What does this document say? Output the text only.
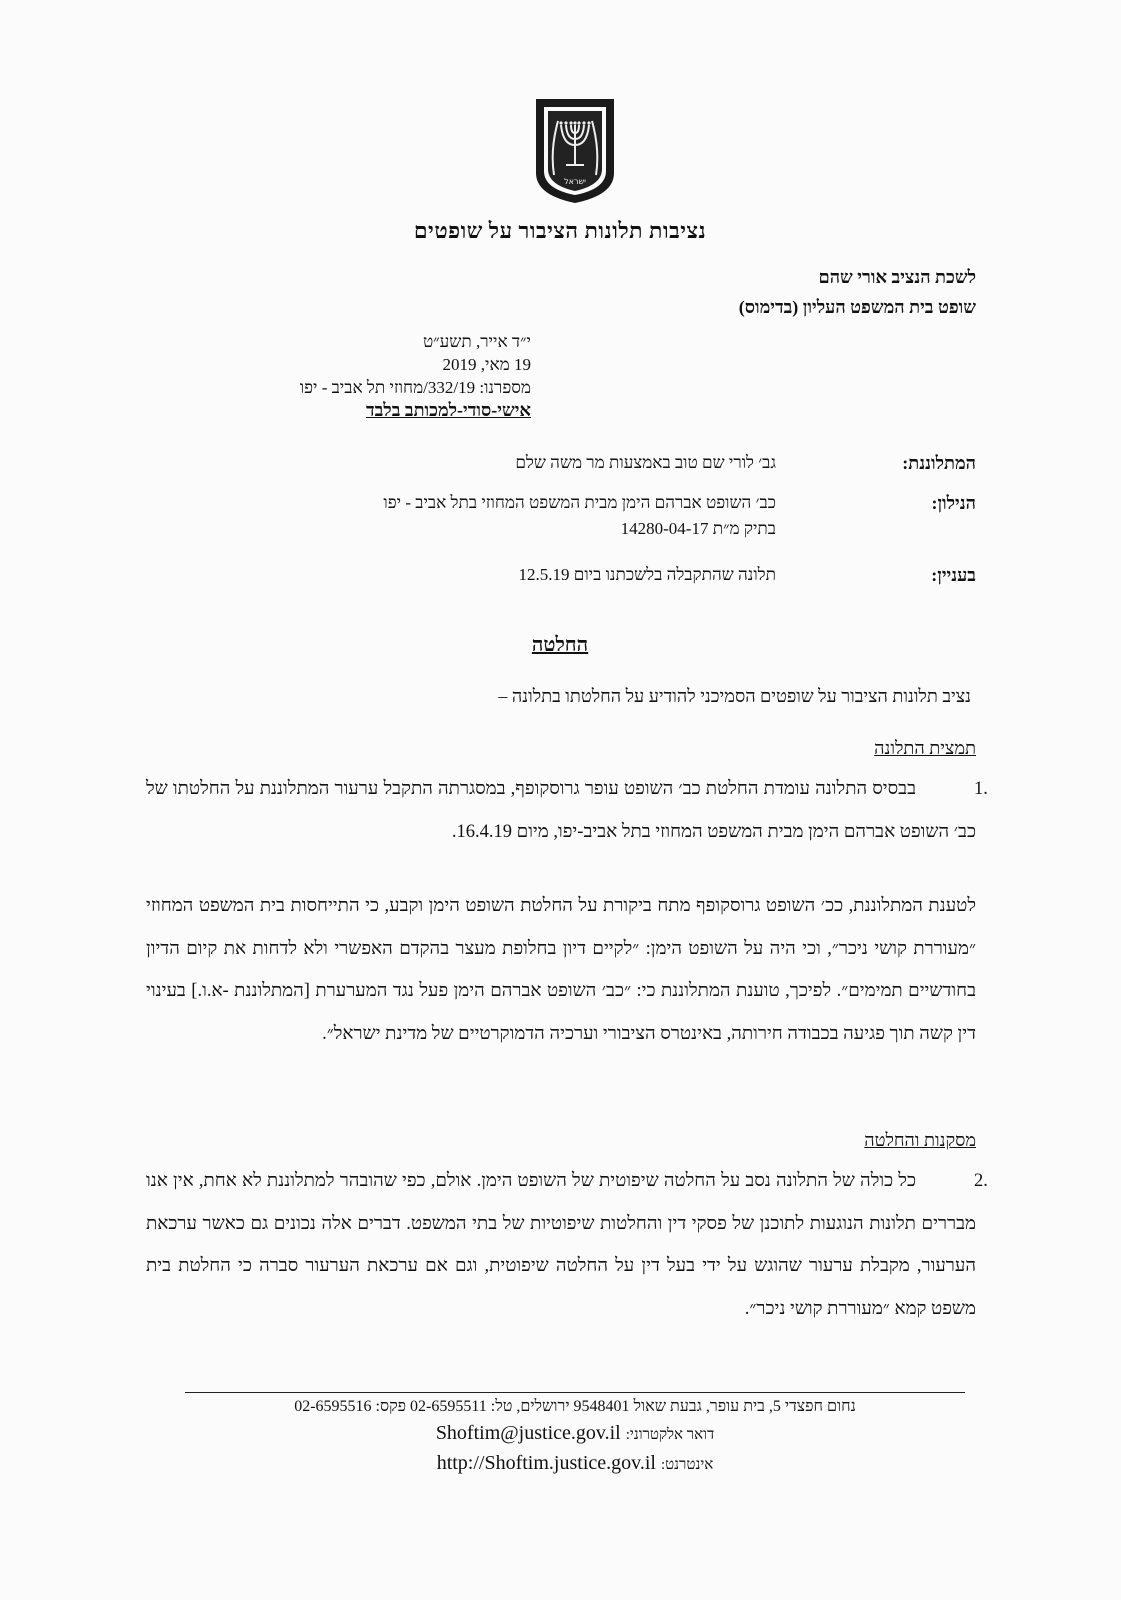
ישראל
נציבות תלונות הציבור על שופטים
לשכת הנציב אורי שהם
שופט בית המשפט העליון (בדימוס)
י״ד אייר, תשע״ט
19 מאי, 2019
מספרנו: 332/19/מחוזי תל אביב - יפו
אישי-סודי-למכותב בלבד
המתלוננת:
גב׳ לורי שם טוב באמצעות מר משה שלם
הנילון:
כב׳ השופט אברהם הימן מבית המשפט המחוזי בתל אביב - יפו
בתיק מ״ת 14280-04-17
בעניין:
תלונה שהתקבלה בלשכתנו ביום 12.5.19
החלטה
נציב תלונות הציבור על שופטים הסמיכני להודיע על החלטתו בתלונה –
תמצית התלונה
.1
בבסיס התלונה עומדת החלטת כב׳ השופט עופר גרוסקופף, במסגרתה התקבל ערעור המתלוננת על החלטתו של כב׳ השופט אברהם הימן מבית המשפט המחוזי בתל אביב-יפו, מיום 16.4.19.
לטענת המתלוננת, ככ׳ השופט גרוסקופף מתח ביקורת על החלטת השופט הימן וקבע, כי התייחסות בית המשפט המחוזי ״מעוררת קושי ניכר״, וכי היה על השופט הימן: ״לקיים דיון בחלופת מעצר בהקדם האפשרי ולא לדחות את קיום הדיון בחודשיים תמימים״. לפיכך, טוענת המתלוננת כי: ״כב׳ השופט אברהם הימן פעל נגד המערערת [המתלוננת -א.ו.] בעינוי דין קשה תוך פגיעה בכבודה חירותה, באינטרס הציבורי וערכיה הדמוקרטיים של מדינת ישראל״.
מסקנות והחלטה
.2
כל כולה של התלונה נסב על החלטה שיפוטית של השופט הימן. אולם, כפי שהובהר למתלוננת לא אחת, אין אנו מבררים תלונות הנוגעות לתוכנן של פסקי דין והחלטות שיפוטיות של בתי המשפט. דברים אלה נכונים גם כאשר ערכאת הערעור, מקבלת ערעור שהוגש על ידי בעל דין על החלטה שיפוטית, וגם אם ערכאת הערעור סברה כי החלטת בית משפט קמא ״מעוררת קושי ניכר״.
נחום חפצדי 5, בית עופר, גבעת שאול 9548401 ירושלים, טל: 02-6595511 פקס: 02-6595516
דואר אלקטרוני: Shoftim@justice.gov.il
אינטרנט: http://Shoftim.justice.gov.il
